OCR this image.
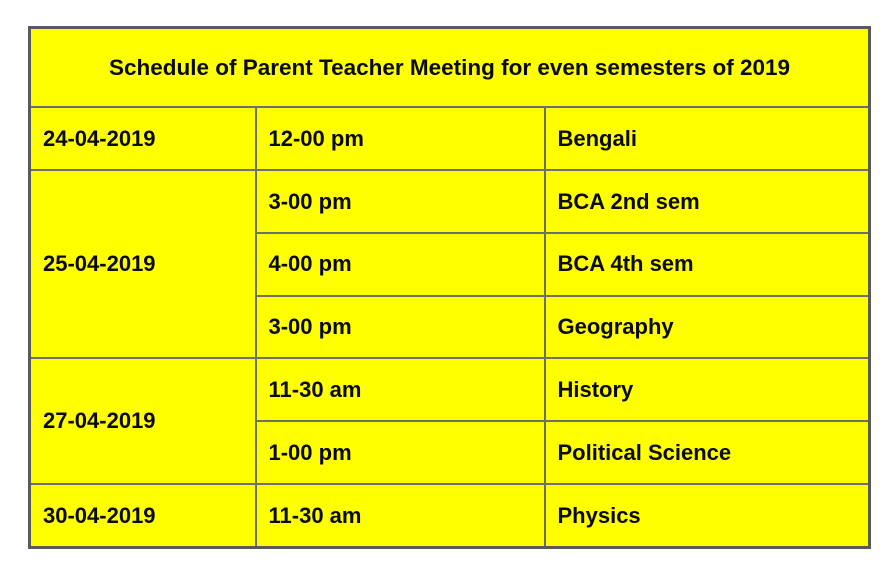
Schedule of Parent Teacher Meeting for even semesters of 2019		
24-04-2019	12-00 pm	Bengali
25-04-2019	3-00 pm	BCA 2nd sem
	4-00 pm	BCA 4th sem
	3-00 pm	Geography
27-04-2019	11-30 am	History
	1-00 pm	Political Science
30-04-2019	11-30 am	Physics
